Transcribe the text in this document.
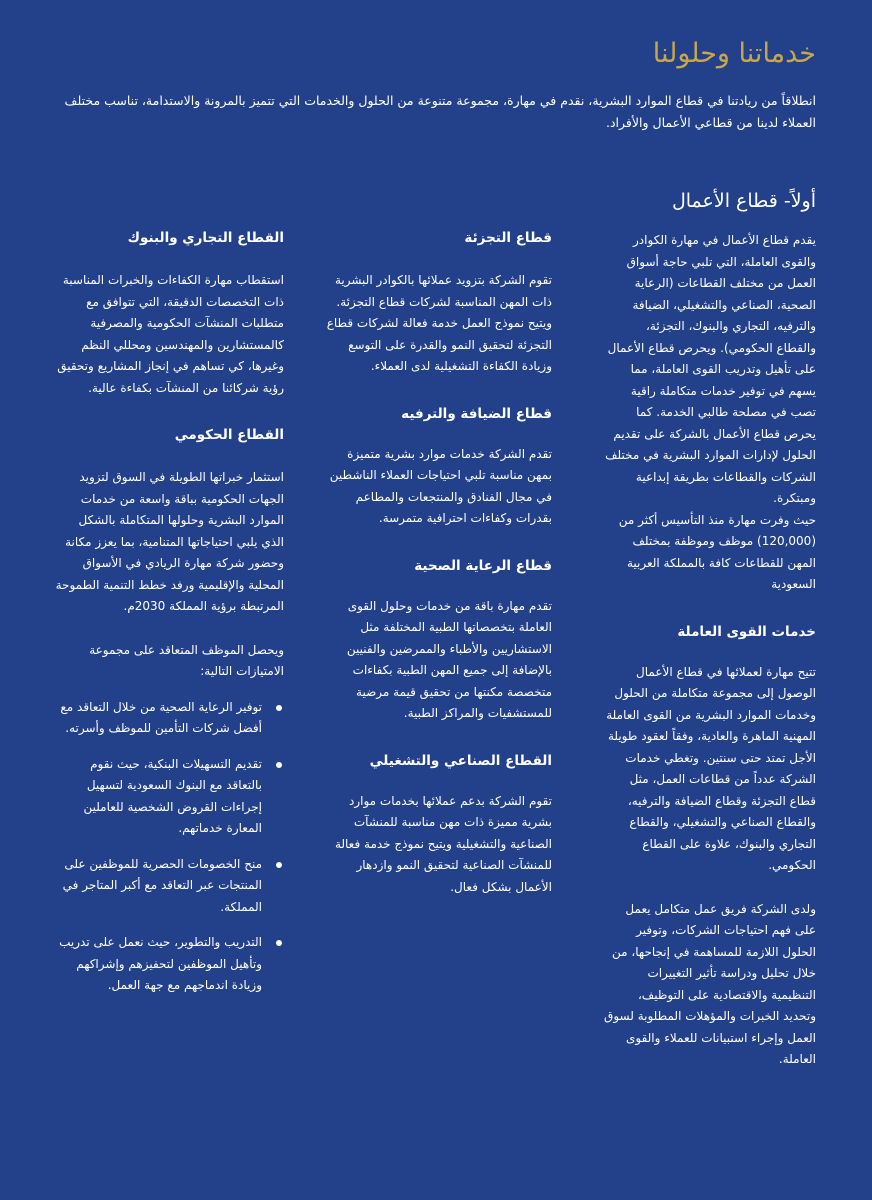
خدماتنا وحلولنا

انطلاقاً من ريادتنا في قطاع الموارد البشرية، نقدم في مهارة، مجموعة متنوعة من الحلول والخدمات التي تتميز بالمرونة والاستدامة، تناسب مختلف العملاء لدينا من قطاعي الأعمال والأفراد.

أولاً- قطاع الأعمال

يقدم قطاع الأعمال في مهارة الكوادر والقوى العاملة، التي تلبي حاجة أسواق العمل من مختلف القطاعات (الرعاية الصحية، الصناعي والتشغيلي، الضيافة والترفيه، التجاري والبنوك، التجزئة، والقطاع الحكومي). ويحرص قطاع الأعمال على تأهيل وتدريب القوى العاملة، مما يسهم في توفير خدمات متكاملة راقية تصب في مصلحة طالبي الخدمة. كما يحرص قطاع الأعمال بالشركة على تقديم الحلول لإدارات الموارد البشرية في مختلف الشركات والقطاعات بطريقة إبداعية ومبتكرة.

حيث وفرت مهارة منذ التأسيس أكثر من (120,000) موظف وموظفة بمختلف المهن للقطاعات كافة بالمملكة العربية السعودية

خدمات القوى العاملة

تتيح مهارة لعملائها في قطاع الأعمال الوصول إلى مجموعة متكاملة من الحلول وخدمات الموارد البشرية من القوى العاملة المهنية الماهرة والعادية، وفقاً لعقود طويلة الأجل تمتد حتى سنتين. وتغطي خدمات الشركة عدداً من قطاعات العمل، مثل قطاع التجزئة وقطاع الضيافة والترفيه، والقطاع الصناعي والتشغيلي، والقطاع التجاري والبنوك، علاوة على القطاع الحكومي.

ولدى الشركة فريق عمل متكامل يعمل على فهم احتياجات الشركات، وتوفير الحلول اللازمة للمساهمة في إنجاحها، من خلال تحليل ودراسة تأثير التغييرات التنظيمية والاقتصادية على التوظيف، وتحديد الخبرات والمؤهلات المطلوبة لسوق العمل وإجراء استبيانات للعملاء والقوى العاملة.

قطاع التجزئة

تقوم الشركة بتزويد عملائها بالكوادر البشرية ذات المهن المناسبة لشركات قطاع التجزئة. ويتيح نموذج العمل خدمة فعالة لشركات قطاع التجزئة لتحقيق النمو والقدرة على التوسع وزيادة الكفاءة التشغيلية لدى العملاء.

قطاع الضيافة والترفيه

تقدم الشركة خدمات موارد بشرية متميزة بمهن مناسبة تلبي احتياجات العملاء الناشطين في مجال الفنادق والمنتجعات والمطاعم بقدرات وكفاءات احترافية متمرسة.

قطاع الرعاية الصحية

تقدم مهارة باقة من خدمات وحلول القوى العاملة بتخصصاتها الطبية المختلفة مثل الاستشاريين والأطباء والممرضين والفنيين بالإضافة إلى جميع المهن الطبية بكفاءات متخصصة مكنتها من تحقيق قيمة مرضية للمستشفيات والمراكز الطبية.

القطاع الصناعي والتشغيلي

تقوم الشركة بدعم عملائها بخدمات موارد بشرية مميزة ذات مهن مناسبة للمنشآت الصناعية والتشغيلية ويتيح نموذج خدمة فعالة للمنشآت الصناعية لتحقيق النمو وازدهار الأعمال بشكل فعال.

القطاع التجاري والبنوك

استقطاب مهارة الكفاءات والخبرات المناسبة ذات التخصصات الدقيقة، التي تتوافق مع متطلبات المنشآت الحكومية والمصرفية كالمستشارين والمهندسين ومحللي النظم وغيرها، كي تساهم في إنجاز المشاريع وتحقيق رؤية شركائنا من المنشآت بكفاءة عالية.

القطاع الحكومي

استثمار خبراتها الطويلة في السوق لتزويد الجهات الحكومية بباقة واسعة من خدمات الموارد البشرية وحلولها المتكاملة بالشكل الذي يلبي احتياجاتها المتنامية، بما يعزز مكانة وحضور شركة مهارة الريادي في الأسواق المحلية والإقليمية ورفد خطط التنمية الطموحة المرتبطة برؤية المملكة 2030م.

ويحصل الموظف المتعاقد على مجموعة الامتيازات التالية:

توفير الرعاية الصحية من خلال التعاقد مع أفضل شركات التأمين للموظف وأسرته.
تقديم التسهيلات البنكية، حيث نقوم بالتعاقد مع البنوك السعودية لتسهيل إجراءات القروض الشخصية للعاملين المعارة خدماتهم.
منح الخصومات الحصرية للموظفين على المنتجات عبر التعاقد مع أكبر المتاجر في المملكة.
التدريب والتطوير، حيث نعمل على تدريب وتأهيل الموظفين لتحفيزهم وإشراكهم وزيادة اندماجهم مع جهة العمل.
